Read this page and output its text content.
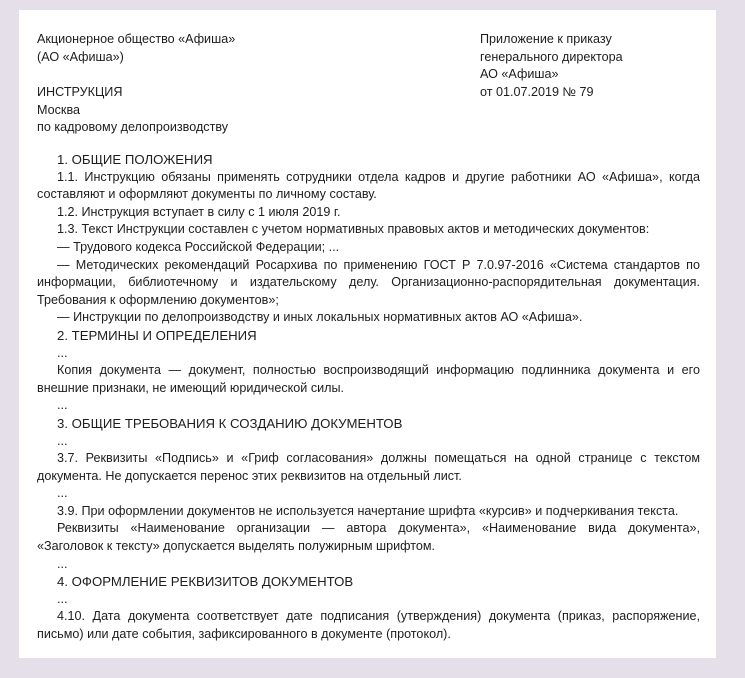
Акционерное общество «Афиша»
(АО «Афиша»)
Приложение к приказу
генерального директора
АО «Афиша»
от 01.07.2019 № 79
ИНСТРУКЦИЯ
Москва
по кадровому делопроизводству
1. ОБЩИЕ ПОЛОЖЕНИЯ
1.1. Инструкцию обязаны применять сотрудники отдела кадров и другие работники АО «Афиша», когда составляют и оформляют документы по личному составу.
1.2. Инструкция вступает в силу с 1 июля 2019 г.
1.3. Текст Инструкции составлен с учетом нормативных правовых актов и методических документов:
— Трудового кодекса Российской Федерации; ...
— Методических рекомендаций Росархива по применению ГОСТ Р 7.0.97-2016 «Система стандартов по информации, библиотечному и издательскому делу. Организационно-распорядительная документация. Требования к оформлению документов»;
— Инструкции по делопроизводству и иных локальных нормативных актов АО «Афиша».
2. ТЕРМИНЫ И ОПРЕДЕЛЕНИЯ
...
Копия документа — документ, полностью воспроизводящий информацию подлинника документа и его внешние признаки, не имеющий юридической силы.
...
3. ОБЩИЕ ТРЕБОВАНИЯ К СОЗДАНИЮ ДОКУМЕНТОВ
...
3.7. Реквизиты «Подпись» и «Гриф согласования» должны помещаться на одной странице с текстом документа. Не допускается перенос этих реквизитов на отдельный лист.
...
3.9. При оформлении документов не используется начертание шрифта «курсив» и подчеркивания текста.
Реквизиты «Наименование организации — автора документа», «Наименование вида документа», «Заголовок к тексту» допускается выделять полужирным шрифтом.
...
4. ОФОРМЛЕНИЕ РЕКВИЗИТОВ ДОКУМЕНТОВ
...
4.10. Дата документа соответствует дате подписания (утверждения) документа (приказ, распоряжение, письмо) или дате события, зафиксированного в документе (протокол).
